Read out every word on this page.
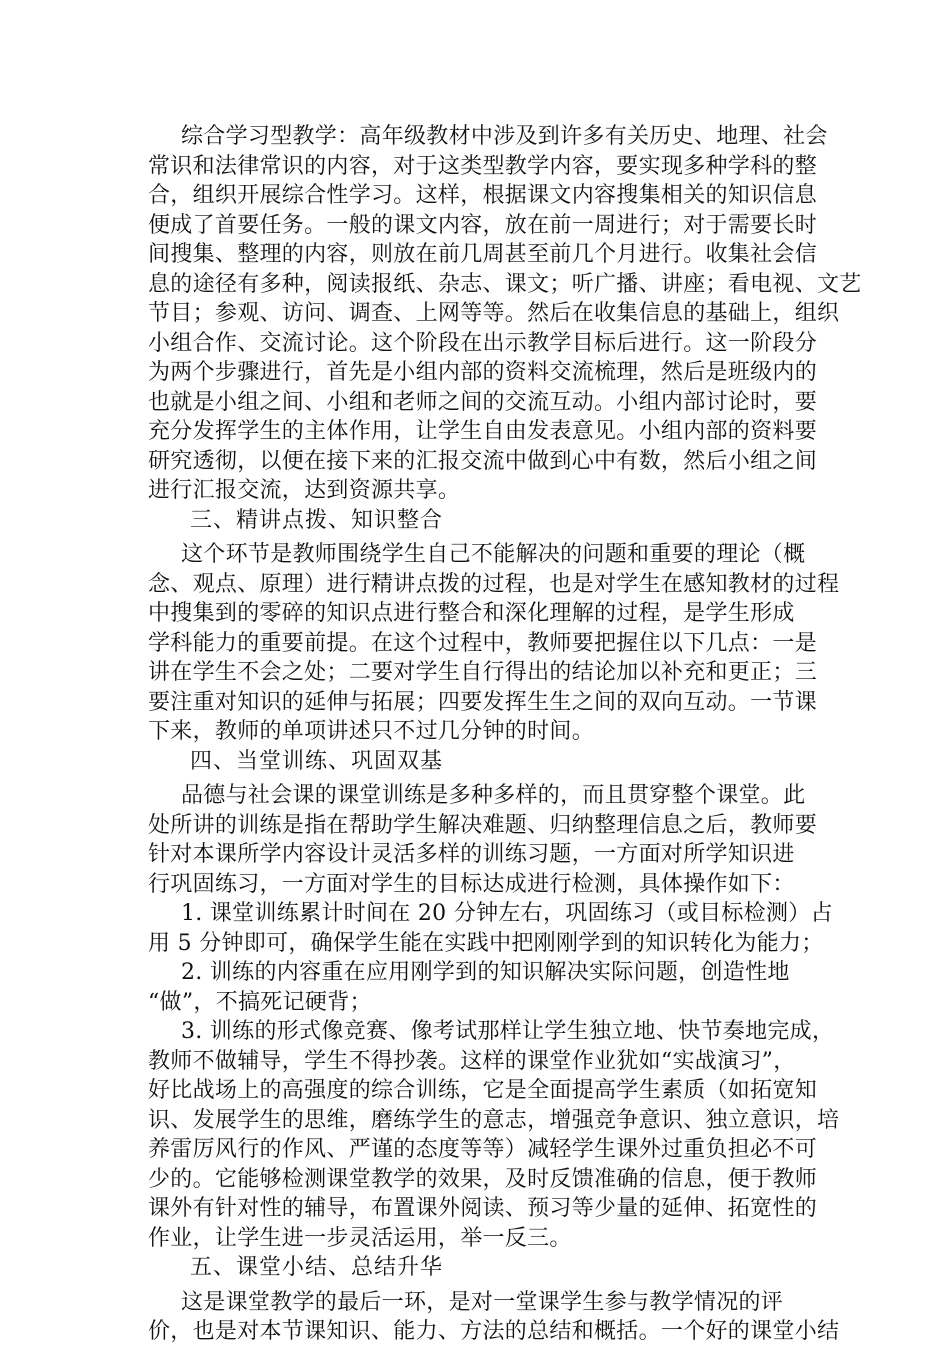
综合学习型教学：高年级教材中涉及到许多有关历史、地理、社会
常识和法律常识的内容，对于这类型教学内容，要实现多种学科的整
合，组织开展综合性学习。这样，根据课文内容搜集相关的知识信息
便成了首要任务。一般的课文内容，放在前一周进行；对于需要长时
间搜集、整理的内容，则放在前几周甚至前几个月进行。收集社会信
息的途径有多种，阅读报纸、杂志、课文；听广播、讲座；看电视、文艺
节目；参观、访问、调查、上网等等。然后在收集信息的基础上，组织
小组合作、交流讨论。这个阶段在出示教学目标后进行。这一阶段分
为两个步骤进行，首先是小组内部的资料交流梳理，然后是班级内的
也就是小组之间、小组和老师之间的交流互动。小组内部讨论时，要
充分发挥学生的主体作用，让学生自由发表意见。小组内部的资料要
研究透彻，以便在接下来的汇报交流中做到心中有数，然后小组之间
进行汇报交流，达到资源共享。

三、精讲点拨、知识整合

这个环节是教师围绕学生自己不能解决的问题和重要的理论（概
念、观点、原理）进行精讲点拨的过程，也是对学生在感知教材的过程
中搜集到的零碎的知识点进行整合和深化理解的过程，是学生形成
学科能力的重要前提。在这个过程中，教师要把握住以下几点：一是
讲在学生不会之处；二要对学生自行得出的结论加以补充和更正；三
要注重对知识的延伸与拓展；四要发挥生生之间的双向互动。一节课
下来，教师的单项讲述只不过几分钟的时间。

四、当堂训练、巩固双基

品德与社会课的课堂训练是多种多样的，而且贯穿整个课堂。此
处所讲的训练是指在帮助学生解决难题、归纳整理信息之后，教师要
针对本课所学内容设计灵活多样的训练习题，一方面对所学知识进
行巩固练习，一方面对学生的目标达成进行检测，具体操作如下：

1. 课堂训练累计时间在 20 分钟左右，巩固练习（或目标检测）占
用 5 分钟即可，确保学生能在实践中把刚刚学到的知识转化为能力；

2. 训练的内容重在应用刚学到的知识解决实际问题，创造性地
“做”，不搞死记硬背；

3. 训练的形式像竞赛、像考试那样让学生独立地、快节奏地完成，
教师不做辅导，学生不得抄袭。这样的课堂作业犹如“实战演习”，
好比战场上的高强度的综合训练，它是全面提高学生素质（如拓宽知
识、发展学生的思维，磨练学生的意志，增强竞争意识、独立意识，培
养雷厉风行的作风、严谨的态度等等）减轻学生课外过重负担必不可
少的。它能够检测课堂教学的效果，及时反馈准确的信息，便于教师
课外有针对性的辅导，布置课外阅读、预习等少量的延伸、拓宽性的
作业，让学生进一步灵活运用，举一反三。

五、课堂小结、总结升华

这是课堂教学的最后一环，是对一堂课学生参与教学情况的评
价，也是对本节课知识、能力、方法的总结和概括。一个好的课堂小结
